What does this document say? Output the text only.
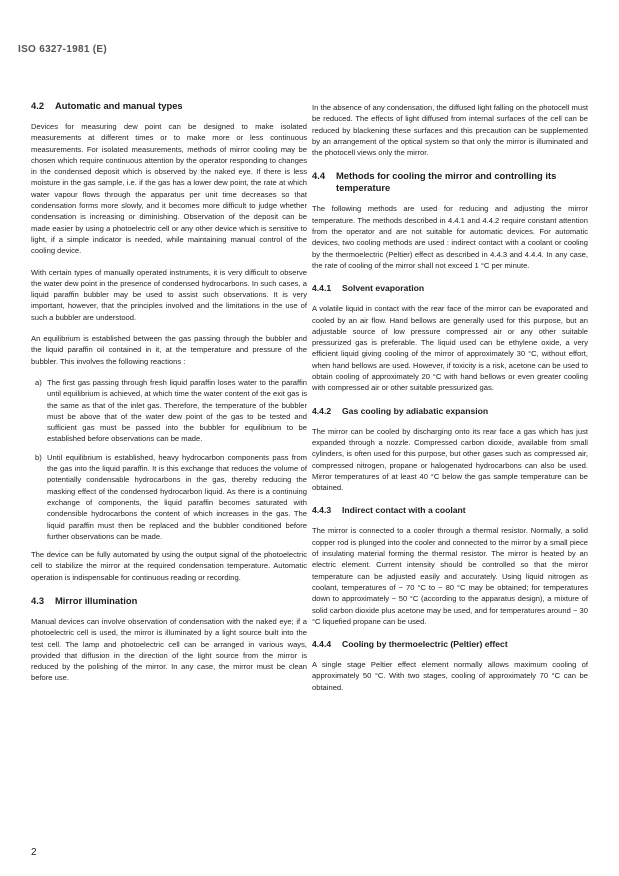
ISO 6327-1981 (E)
4.2 Automatic and manual types

Devices for measuring dew point can be designed to make isolated measurements at different times or to make more or less continuous measurements. For isolated measurements, methods of mirror cooling may be chosen which require continuous attention by the operator responding to changes in the condensed deposit which is observed by the naked eye. If there is less moisture in the gas sample, i.e. if the gas has a lower dew point, the rate at which water vapour flows through the apparatus per unit time decreases so that condensation forms more slowly, and it becomes more difficult to judge whether condensation is increasing or diminishing. Observation of the deposit can be made easier by using a photoelectric cell or any other device which is sensitive to light, if a simple indicator is needed, while maintaining manual control of the cooling device.

With certain types of manually operated instruments, it is very difficult to observe the water dew point in the presence of condensed hydrocarbons. In such cases, a liquid paraffin bubbler may be used to assist such observations. It is very important, however, that the principles involved and the limitations in the use of such a bubbler are understood.

An equilibrium is established between the gas passing through the bubbler and the liquid paraffin oil contained in it, at the temperature and pressure of the bubbler. This involves the following reactions :

a) The first gas passing through fresh liquid paraffin loses water to the paraffin until equilibrium is achieved, at which time the water content of the exit gas is the same as that of the inlet gas. Therefore, the temperature of the bubbler must be above that of the water dew point of the gas to be tested and sufficient gas must be passed into the bubbler for equilibrium to be established before observations can be made.

b) Until equilibrium is established, heavy hydrocarbon components pass from the gas into the liquid paraffin. It is this exchange that reduces the volume of potentially condensable hydrocarbons in the gas, thereby reducing the masking effect of the condensed hydrocarbon liquid. As there is a continuing exchange of components, the liquid paraffin becomes saturated with condensible hydrocarbons the content of which increases in the gas. The liquid paraffin must then be replaced and the bubbler conditioned before further observations can be made.

The device can be fully automated by using the output signal of the photoelectric cell to stabilize the mirror at the required condensation temperature. Automatic operation is indispensable for continuous reading or recording.

4.3 Mirror illumination

Manual devices can involve observation of condensation with the naked eye; if a photoelectric cell is used, the mirror is illuminated by a light source built into the test cell. The lamp and photoelectric cell can be arranged in various ways, provided that diffusion in the direction of the light source from the mirror is reduced by the polishing of the mirror. In any case, the mirror must be clean before use.

In the absence of any condensation, the diffused light falling on the photocell must be reduced. The effects of light diffused from internal surfaces of the cell can be reduced by blackening these surfaces and this precaution can be supplemented by an arrangement of the optical system so that only the mirror is illuminated and the photocell views only the mirror.

4.4	Methods for cooling the mirror and controlling its temperature

The following methods are used for reducing and adjusting the mirror temperature. The methods described in 4.4.1 and 4.4.2 require constant attention from the operator and are not suitable for automatic devices. For automatic devices, two cooling methods are used : indirect contact with a coolant or cooling by the thermoelectric (Peltier) effect as described in 4.4.3 and 4.4.4. In any case, the rate of cooling of the mirror shall not exceed 1 °C per minute.

4.4.1 Solvent evaporation

A volatile liquid in contact with the rear face of the mirror can be evaporated and cooled by an air flow. Hand bellows are generally used for this purpose, but an adjustable source of low pressure compressed air or any other suitable pressurized gas is preferable. The liquid used can be ethylene oxide, a very efficient liquid giving cooling of the mirror of approximately 30 °C, without effort, when hand bellows are used. However, if toxicity is a risk, acetone can be used to obtain cooling of approximately 20 °C with hand bellows or even greater cooling with compressed air or other suitable pressurized gas.

4.4.2 Gas cooling by adiabatic expansion

The mirror can be cooled by discharging onto its rear face a gas which has just expanded through a nozzle. Compressed carbon dioxide, available from small cylinders, is often used for this purpose, but other gases such as compressed air, compressed nitrogen, propane or halogenated hydrocarbons can also be used. Mirror temperatures of at least 40 °C below the gas sample temperature can be obtained.

4.4.3 Indirect contact with a coolant

The mirror is connected to a cooler through a thermal resistor. Normally, a solid copper rod is plunged into the cooler and connected to the mirror by a small piece of insulating material forming the thermal resistor. The mirror is heated by an electric element. Current intensity should be controlled so that the mirror temperature can be adjusted easily and accurately. Using liquid nitrogen as coolant, temperatures of − 70 °C to − 80 °C may be obtained; for temperatures down to approximately − 50 °C (according to the apparatus design), a mixture of solid carbon dioxide plus acetone may be used, and for temperatures around − 30 °C liquefied propane can be used.

4.4.4 Cooling by thermoelectric (Peltier) effect

A single stage Peltier effect element normally allows maximum cooling of approximately 50 °C. With two stages, cooling of approximately 70 °C can be obtained.

2
